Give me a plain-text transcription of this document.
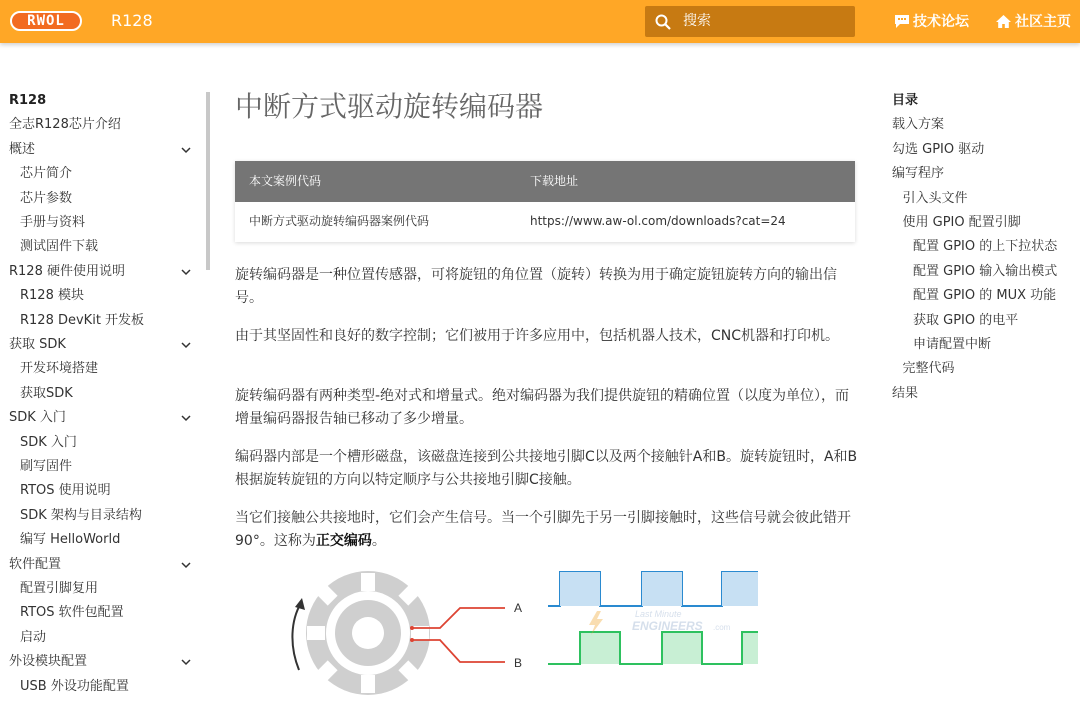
RWOL	R128	搜索	技术论坛	社区主页
R128
全志R128芯片介绍
概述
芯片简介
芯片参数
手册与资料
测试固件下载
R128 硬件使用说明
R128 模块
R128 DevKit 开发板
获取 SDK
开发环境搭建
获取SDK
SDK 入门
SDK 入门
刷写固件
RTOS 使用说明
SDK 架构与目录结构
编写 HelloWorld
软件配置
配置引脚复用
RTOS 软件包配置
启动
外设模块配置
USB 外设功能配置
中断方式驱动旋转编码器
本文案例代码	下载地址
中断方式驱动旋转编码器案例代码	https://www.aw-ol.com/downloads?cat=24

旋转编码器是一种位置传感器，可将旋钮的角位置（旋转）转换为用于确定旋钮旋转方向的输出信号。

由于其坚固性和良好的数字控制；它们被用于许多应用中，包括机器人技术，CNC机器和打印机。

旋转编码器有两种类型-绝对式和增量式。绝对编码器为我们提供旋钮的精确位置（以度为单位），而增量编码器报告轴已移动了多少增量。

编码器内部是一个槽形磁盘，该磁盘连接到公共接地引脚C以及两个接触针A和B。旋转旋钮时，A和B根据旋转旋钮的方向以特定顺序与公共接地引脚C接触。

当它们接触公共接地时，它们会产生信号。当一个引脚先于另一引脚接触时，这些信号就会彼此错开90°。这称为正交编码。

A
B
Last Minute
ENGINEERS .com
目录
载入方案
勾选 GPIO 驱动
编写程序
引入头文件
使用 GPIO 配置引脚
配置 GPIO 的上下拉状态
配置 GPIO 输入输出模式
配置 GPIO 的 MUX 功能
获取 GPIO 的电平
申请配置中断
完整代码
结果
